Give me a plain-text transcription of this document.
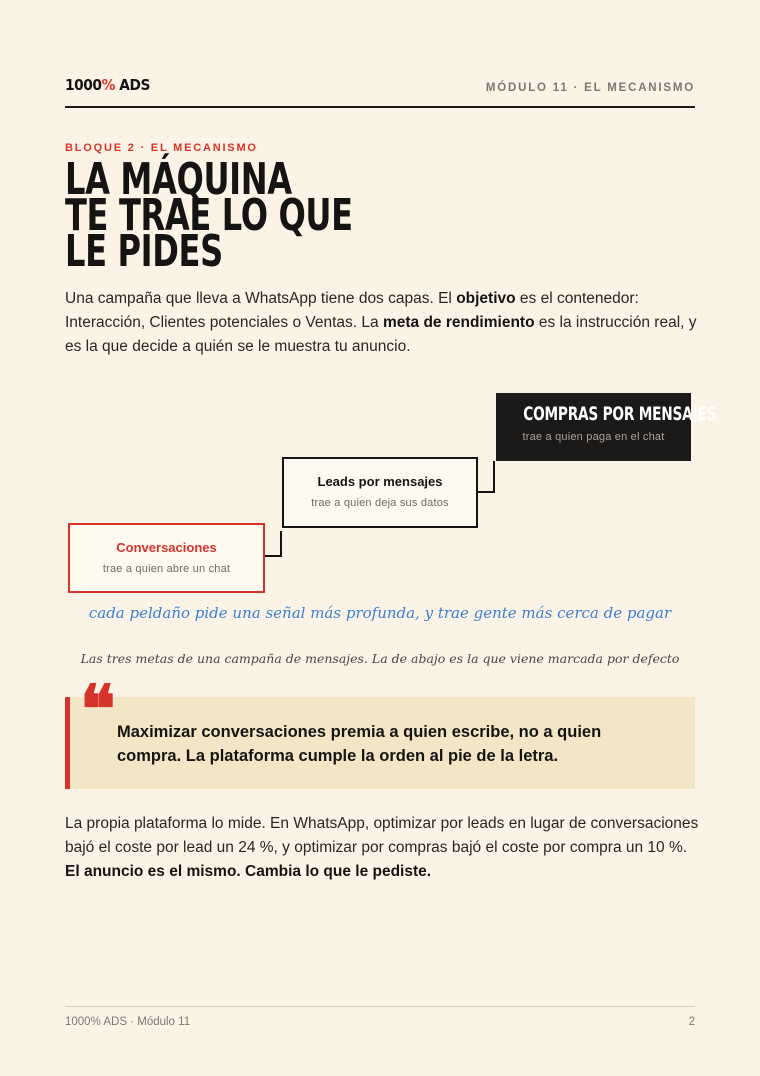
1000% ADS	MÓDULO 11 · EL MECANISMO
BLOQUE 2 · EL MECANISMO
LA MÁQUINA
TE TRAE LO QUE
LE PIDES

Una campaña que lleva a WhatsApp tiene dos capas. El objetivo es el contenedor: Interacción, Clientes potenciales o Ventas. La meta de rendimiento es la instrucción real, y es la que decide a quién se le muestra tu anuncio.

Conversaciones
trae a quien abre un chat
Leads por mensajes
trae a quien deja sus datos
COMPRAS POR MENSAJES
trae a quien paga en el chat
cada peldaño pide una señal más profunda, y trae gente más cerca de pagar
Las tres metas de una campaña de mensajes. La de abajo es la que viene marcada por defecto
❝ Maximizar conversaciones premia a quien escribe, no a quien compra. La plataforma cumple la orden al pie de la letra.

La propia plataforma lo mide. En WhatsApp, optimizar por leads en lugar de conversaciones bajó el coste por lead un 24 %, y optimizar por compras bajó el coste por compra un 10 %. El anuncio es el mismo. Cambia lo que le pediste.

1000% ADS · Módulo 11	2
